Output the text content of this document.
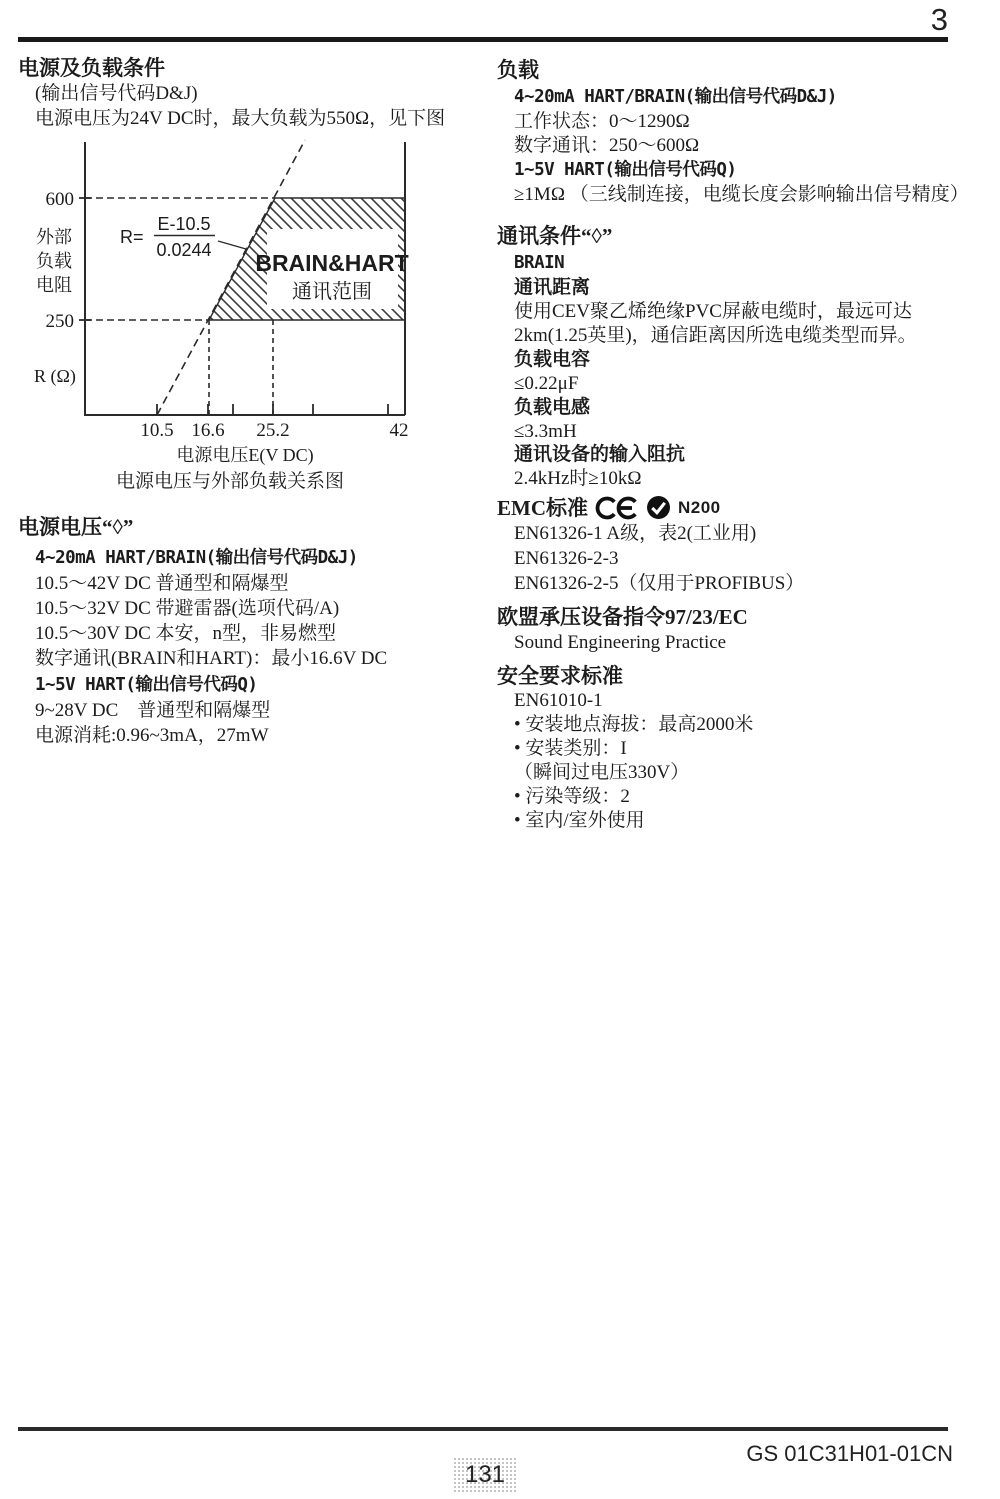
3
电源及负载条件
(输出信号代码D&J)
电源电压为24V DC时，最大负载为550Ω，见下图
BRAIN&HART
通讯范围
600
250
外部
负载
电阻
R (Ω)
R=
E-10.5
0.0244
10.5 16.6 25.2	42
电源电压E(V DC)
电源电压与外部负载关系图
电源电压“◊”
4~20mA HART/BRAIN(输出信号代码D&J)
10.5～42V DC 普通型和隔爆型
10.5～32V DC 带避雷器(选项代码/A)
10.5～30V DC 本安，n型，非易燃型
数字通讯(BRAIN和HART)：最小16.6V DC
1~5V HART(输出信号代码Q)
9~28V DC　普通型和隔爆型
电源消耗:0.96~3mA，27mW
负载
4~20mA HART/BRAIN(输出信号代码D&J)
工作状态：0～1290Ω
数字通讯：250～600Ω
1~5V HART(输出信号代码Q)
≥1MΩ （三线制连接，电缆长度会影响输出信号精度）
通讯条件“◊”
BRAIN
通讯距离
使用CEV聚乙烯绝缘PVC屏蔽电缆时，最远可达
2km(1.25英里)，通信距离因所选电缆类型而异。
负载电容
≤0.22μF
负载电感
≤3.3mH
通讯设备的输入阻抗
2.4kHz时≥10kΩ
EMC标准	N200
EN61326-1 A级，表2(工业用)
EN61326-2-3
EN61326-2-5（仅用于PROFIBUS）
欧盟承压设备指令97/23/EC
Sound Engineering Practice
安全要求标准
EN61010-1
• 安装地点海拔：最高2000米
• 安装类别：I
（瞬间过电压330V）
• 污染等级：2
• 室内/室外使用
GS 01C31H01-01CN
131
